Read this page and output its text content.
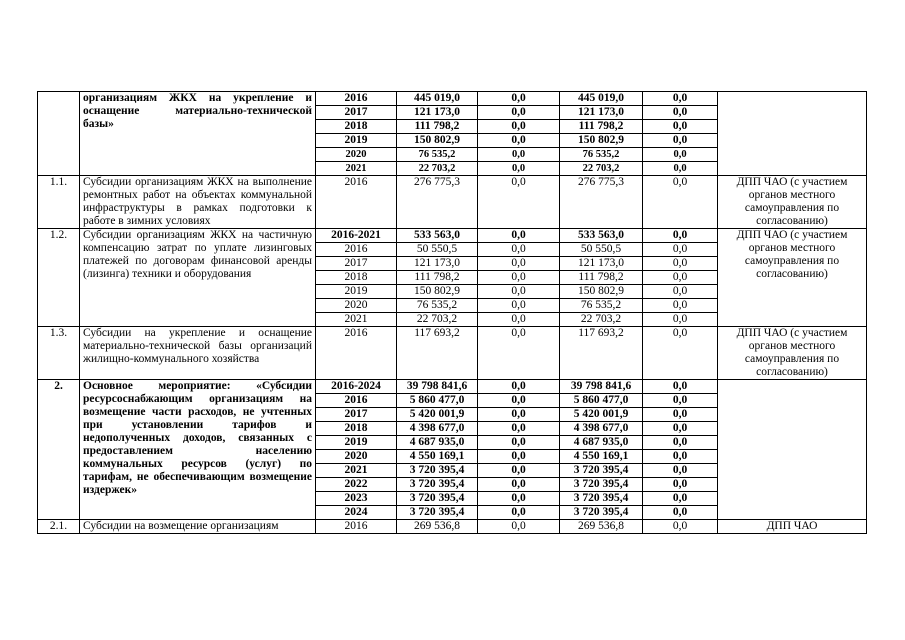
	организациям ЖКХ на укрепление и оснащение материально-технической базы»	2016	445 019,0	0,0	445 019,0	0,0	
		2017	121 173,0	0,0	121 173,0	0,0	
		2018	111 798,2	0,0	111 798,2	0,0	
		2019	150 802,9	0,0	150 802,9	0,0	
		2020	76 535,2	0,0	76 535,2	0,0	
		2021	22 703,2	0,0	22 703,2	0,0	
1.1.	Субсидии организациям ЖКХ на выполнение ремонтных работ на объектах коммунальной инфраструктуры в рамках подготовки к работе в зимних условиях	2016	276 775,3	0,0	276 775,3	0,0	ДПП ЧАО (с участием органов местного самоуправления по согласованию)
1.2.	Субсидии организациям ЖКХ на частичную компенсацию затрат по уплате лизинговых платежей по договорам финансовой аренды (лизинга) техники и оборудования	2016-2021	533 563,0	0,0	533 563,0	0,0	ДПП ЧАО (с участием органов местного самоуправления по согласованию)
		2016	50 550,5	0,0	50 550,5	0,0	
		2017	121 173,0	0,0	121 173,0	0,0	
		2018	111 798,2	0,0	111 798,2	0,0	
		2019	150 802,9	0,0	150 802,9	0,0	
		2020	76 535,2	0,0	76 535,2	0,0	
		2021	22 703,2	0,0	22 703,2	0,0	
1.3.	Субсидии на укрепление и оснащение материально-технической базы организаций жилищно-коммунального хозяйства	2016	117 693,2	0,0	117 693,2	0,0	ДПП ЧАО (с участием органов местного самоуправления по согласованию)
2.	Основное мероприятие: «Субсидии ресурсоснабжающим организациям на возмещение части расходов, не учтенных при установлении тарифов и недополученных доходов, связанных с предоставлением населению коммунальных ресурсов (услуг) по тарифам, не обеспечивающим возмещение издержек»	2016-2024	39 798 841,6	0,0	39 798 841,6	0,0	
		2016	5 860 477,0	0,0	5 860 477,0	0,0	
		2017	5 420 001,9	0,0	5 420 001,9	0,0	
		2018	4 398 677,0	0,0	4 398 677,0	0,0	
		2019	4 687 935,0	0,0	4 687 935,0	0,0	
		2020	4 550 169,1	0,0	4 550 169,1	0,0	
		2021	3 720 395,4	0,0	3 720 395,4	0,0	
		2022	3 720 395,4	0,0	3 720 395,4	0,0	
		2023	3 720 395,4	0,0	3 720 395,4	0,0	
		2024	3 720 395,4	0,0	3 720 395,4	0,0	
2.1.	Субсидии на возмещение организациям	2016	269 536,8	0,0	269 536,8	0,0	ДПП ЧАО
